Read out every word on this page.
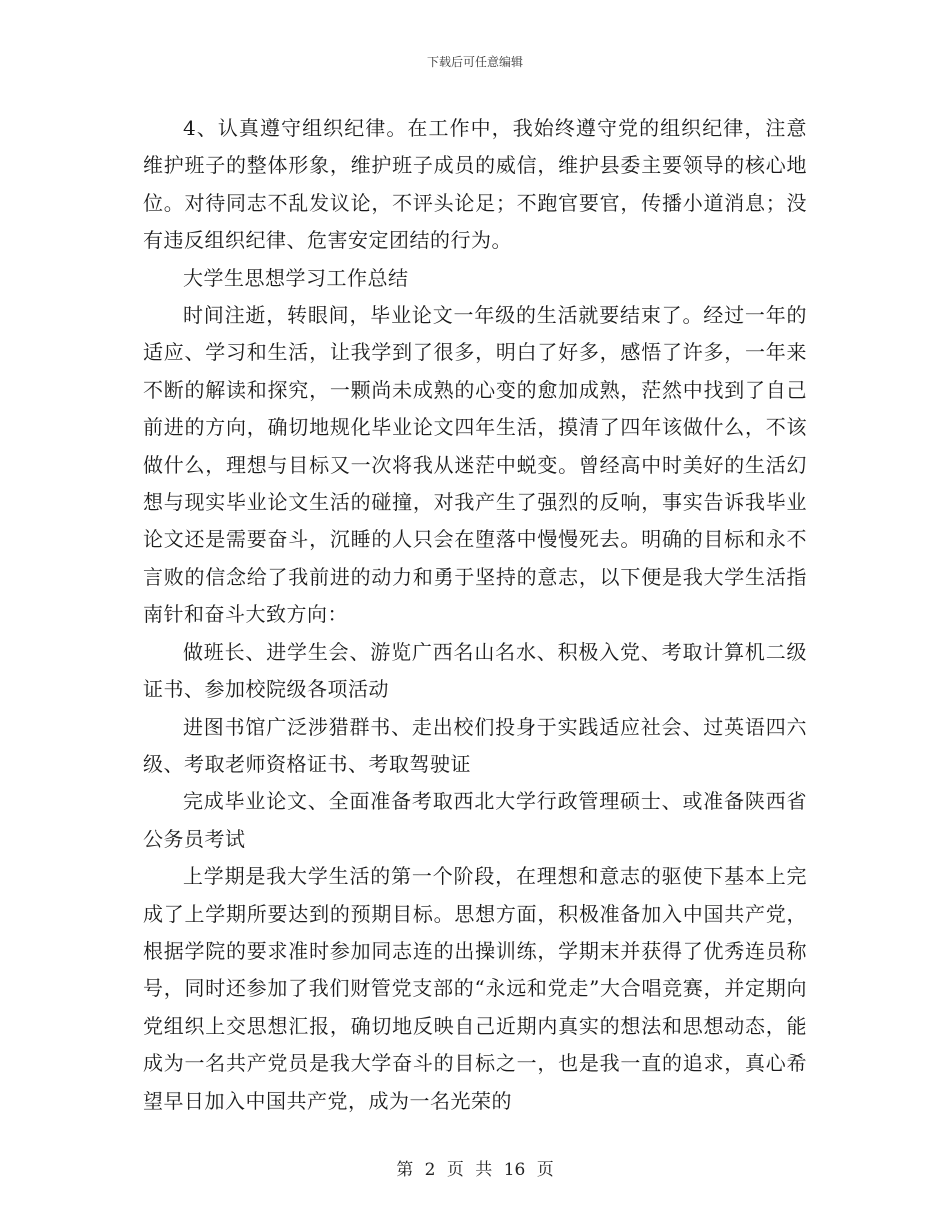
下载后可任意编辑

4、认真遵守组织纪律。在工作中，我始终遵守党的组织纪律，注意维护班子的整体形象，维护班子成员的威信，维护县委主要领导的核心地位。对待同志不乱发议论，不评头论足；不跑官要官，传播小道消息；没有违反组织纪律、危害安定团结的行为。

大学生思想学习工作总结

时间注逝，转眼间，毕业论文一年级的生活就要结束了。经过一年的适应、学习和生活，让我学到了很多，明白了好多，感悟了许多，一年来不断的解读和探究，一颗尚未成熟的心变的愈加成熟，茫然中找到了自己前进的方向，确切地规化毕业论文四年生活，摸清了四年该做什么，不该做什么，理想与目标又一次将我从迷茫中蜕变。曾经高中时美好的生活幻想与现实毕业论文生活的碰撞，对我产生了强烈的反响，事实告诉我毕业论文还是需要奋斗，沉睡的人只会在堕落中慢慢死去。明确的目标和永不言败的信念给了我前进的动力和勇于坚持的意志，以下便是我大学生活指南针和奋斗大致方向：

做班长、进学生会、游览广西名山名水、积极入党、考取计算机二级证书、参加校院级各项活动

进图书馆广泛涉猎群书、走出校们投身于实践适应社会、过英语四六级、考取老师资格证书、考取驾驶证

完成毕业论文、全面准备考取西北大学行政管理硕士、或准备陕西省公务员考试

上学期是我大学生活的第一个阶段，在理想和意志的驱使下基本上完成了上学期所要达到的预期目标。思想方面，积极准备加入中国共产党，根据学院的要求准时参加同志连的出操训练，学期末并获得了优秀连员称号，同时还参加了我们财管党支部的“永远和党走”大合唱竞赛，并定期向党组织上交思想汇报，确切地反映自己近期内真实的想法和思想动态，能成为一名共产党员是我大学奋斗的目标之一，也是我一直的追求，真心希望早日加入中国共产党，成为一名光荣的

第 2 页 共 16 页
